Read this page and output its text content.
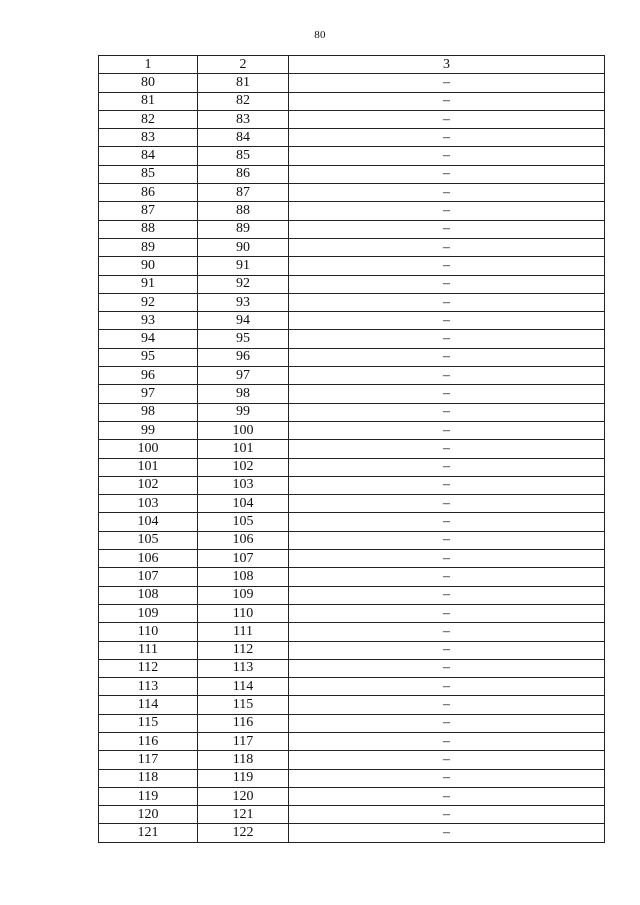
80
1	2	3
80	81	–
81	82	–
82	83	–
83	84	–
84	85	–
85	86	–
86	87	–
87	88	–
88	89	–
89	90	–
90	91	–
91	92	–
92	93	–
93	94	–
94	95	–
95	96	–
96	97	–
97	98	–
98	99	–
99	100	–
100	101	–
101	102	–
102	103	–
103	104	–
104	105	–
105	106	–
106	107	–
107	108	–
108	109	–
109	110	–
110	111	–
111	112	–
112	113	–
113	114	–
114	115	–
115	116	–
116	117	–
117	118	–
118	119	–
119	120	–
120	121	–
121	122	–
